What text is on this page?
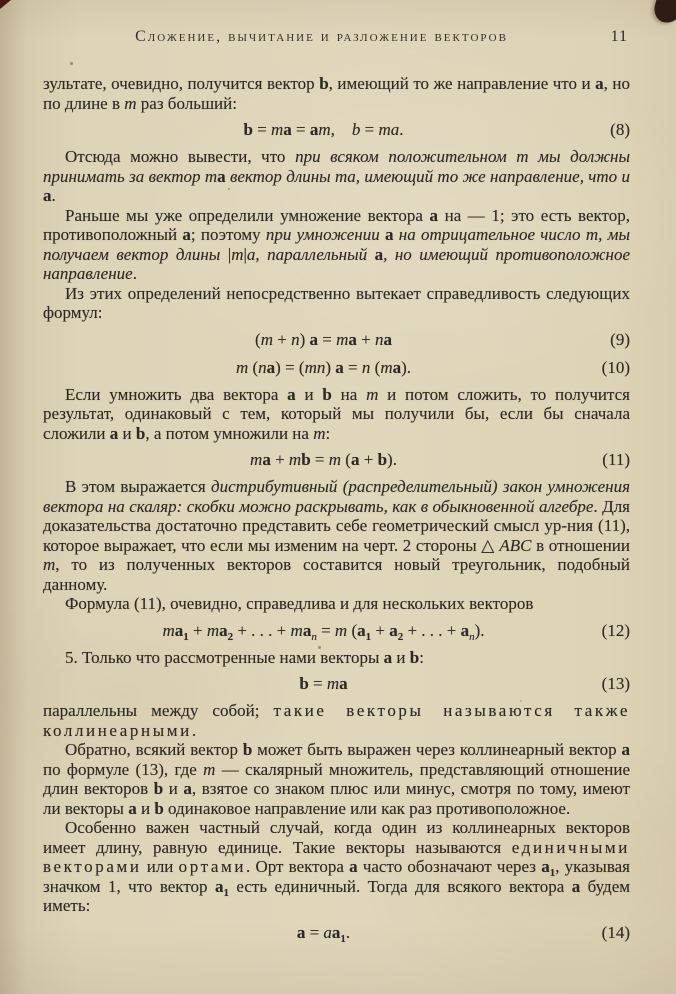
Сложение, вычитание и разложение векторов	11

зультате, очевидно, получится вектор b, имеющий то же направление что и a, но по длине в m раз больший:

b = ma = am, b = ma.	(8)

Отсюда можно вывести, что при всяком положительном m мы должны принимать за вектор ma вектор длины ma, имеющий то же направление, что и a.

Раньше мы уже определили умножение вектора a на — 1; это есть вектор, противоположный a; поэтому при умножении a на отрицательное число m, мы получаем вектор длины |m|a, параллельный a, но имеющий противоположное направление.

Из этих определений непосредственно вытекает справедливость следующих формул:

(m + n) a = ma + na	(9)
m (na) = (mn) a = n (ma).	(10)

Если умножить два вектора a и b на m и потом сложить, то получится результат, одинаковый с тем, который мы получили бы, если бы сначала сложили a и b, а потом умножили на m:

ma + mb = m (a + b).	(11)

В этом выражается дистрибутивный (распределительный) закон умножения вектора на скаляр: скобки можно раскрывать, как в обыкновенной алгебре. Для доказательства достаточно представить себе геометрический смысл ур-ния (11), которое выражает, что если мы изменим на черт. 2 стороны △ ABC в отношении m, то из полученных векторов составится новый треугольник, подобный данному.

Формула (11), очевидно, справедлива и для нескольких векторов

$ma_1 + ma_2$ + . . . + $ma_n = m$ ($a_1 + a_2$ + . . . + $a_n$).	(12)

5. Только что рассмотренные нами векторы a и b:

b = ma	(13)

параллельны между собой; такие векторы называются также коллинеарными.

Обратно, всякий вектор b может быть выражен через коллинеарный вектор a по формуле (13), где m — скалярный множитель, представляющий отношение длин векторов b и a, взятое со знаком плюс или минус, смотря по тому, имеют ли векторы a и b одинаковое направление или как раз противоположное.

Особенно важен частный случай, когда один из коллинеарных векторов имеет длину, равную единице. Такие векторы называются единичными векторами или ортами. Орт вектора a часто обозначают через $a_1$, указывая значком 1, что вектор $a_1$ есть единичный. Тогда для всякого вектора a будем иметь:

$a = aa_1$.	(14)
